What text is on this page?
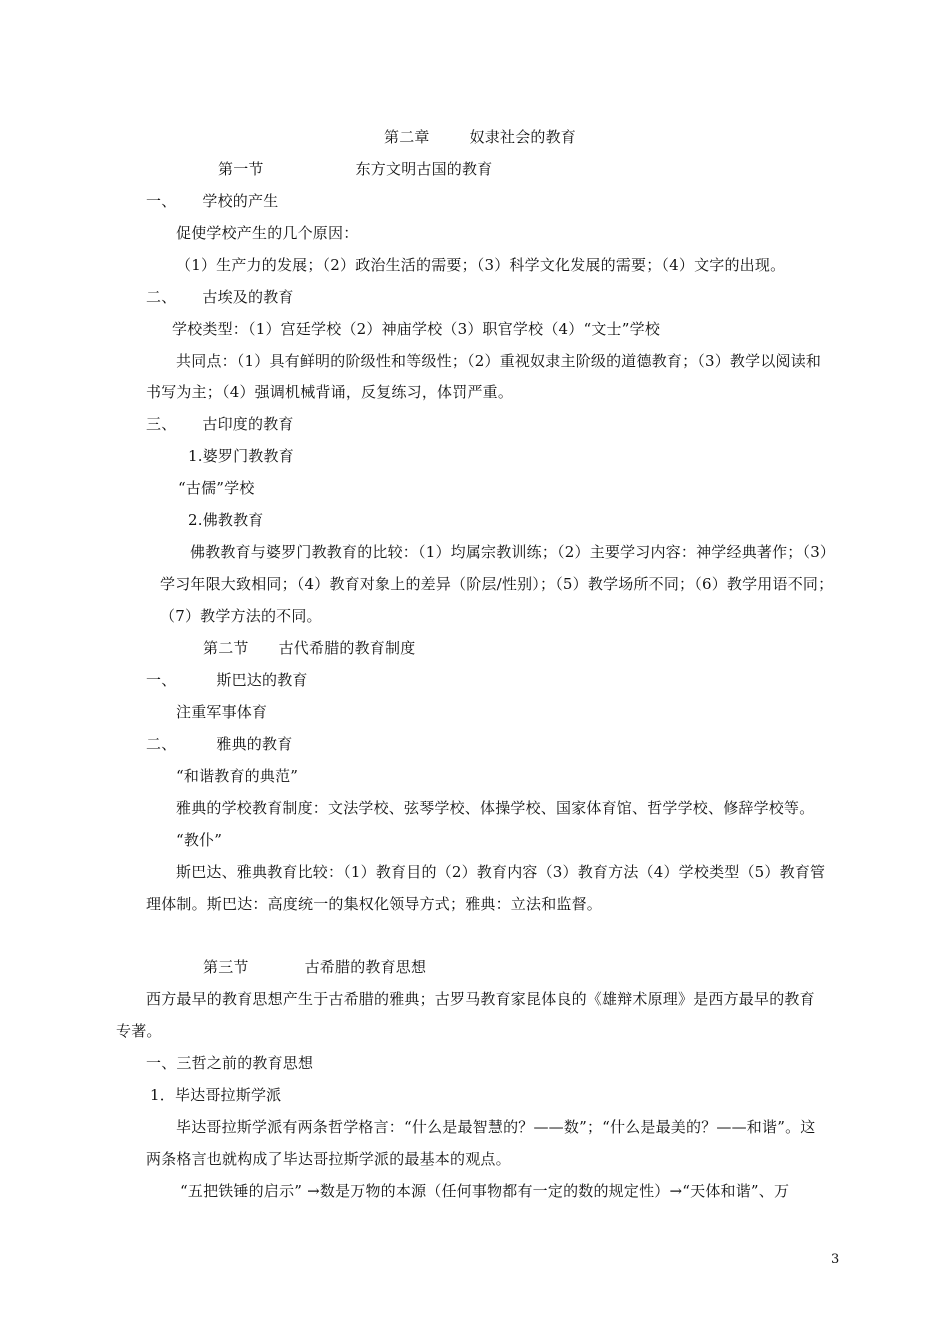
第二章	奴隶社会的教育
第一节	东方文明古国的教育
一、 学校的产生
促使学校产生的几个原因：
（1）生产力的发展；（2）政治生活的需要；（3）科学文化发展的需要；（4）文字的出现。
二、 古埃及的教育
学校类型：（1）宫廷学校（2）神庙学校（3）职官学校（4）“文士”学校
共同点：（1）具有鲜明的阶级性和等级性；（2）重视奴隶主阶级的道德教育；（3）教学以阅读和
书写为主；（4）强调机械背诵，反复练习，体罚严重。
三、 古印度的教育
1.婆罗门教教育
“古儒”学校
2.佛教教育
佛教教育与婆罗门教教育的比较：（1）均属宗教训练；（2）主要学习内容：神学经典著作；（3）
学习年限大致相同；（4）教育对象上的差异（阶层/性别）；（5）教学场所不同；（6）教学用语不同；
（7）教学方法的不同。
第二节 古代希腊的教育制度
一、	斯巴达的教育
注重军事体育
二、	雅典的教育
“和谐教育的典范”
雅典的学校教育制度：文法学校、弦琴学校、体操学校、国家体育馆、哲学学校、修辞学校等。
“教仆”
斯巴达、雅典教育比较：（1）教育目的（2）教育内容（3）教育方法（4）学校类型（5）教育管
理体制。斯巴达：高度统一的集权化领导方式；雅典：立法和监督。
第三节	古希腊的教育思想
西方最早的教育思想产生于古希腊的雅典；古罗马教育家昆体良的《雄辩术原理》是西方最早的教育
专著。
一、三哲之前的教育思想
1．毕达哥拉斯学派
毕达哥拉斯学派有两条哲学格言：“什么是最智慧的？——数”；“什么是最美的？——和谐”。这
两条格言也就构成了毕达哥拉斯学派的最基本的观点。
“五把铁锤的启示” →数是万物的本源（任何事物都有一定的数的规定性）→“天体和谐”、万
3
